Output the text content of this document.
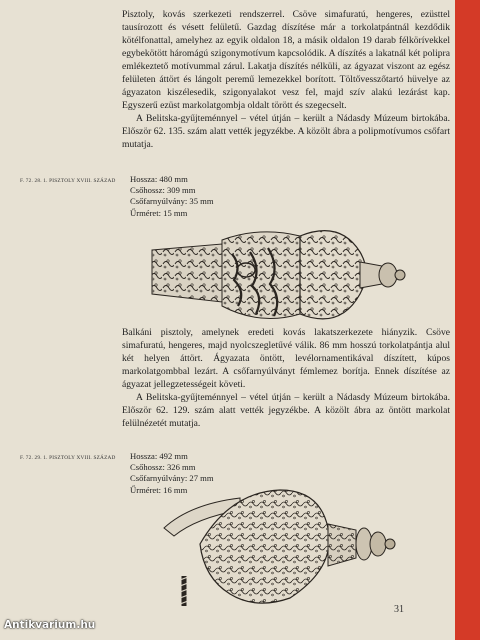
Pisztoly, kovás szerkezeti rendszerrel. Csöve simafuratú, hengeres, ezüsttel tausírozott és vésett felületű. Gazdag díszítése már a torkolatpántnál kezdődik kötélfonattal, amelyhez az egyik oldalon 18, a másik oldalon 19 darab félkörívekkel egybekötött háromágú szigonymotívum kapcsolódik. A díszítés a lakatnál két polipra emlékeztető motívummal zárul. Lakatja díszítés nélküli, az ágyazat viszont az egész felületen áttört és lángolt peremű lemezekkel borított. Töltővesszőtartó hüvelye az ágyazaton kiszélesedik, szigonyalakot vesz fel, majd szív alakú lezárást kap. Egyszerű ezüst markolatgombja oldalt törött és szegecselt.

A Belitska-gyűjteménnyel – vétel útján – került a Nádasdy Múzeum birtokába. Először 62. 135. szám alatt vették jegyzékbe. A közölt ábra a polipmotívumos csőfart mutatja.

F. 72. 28. 1. PISZTOLY XVIII. SZÁZAD Hossza: 480 mm
Csőhossz: 309 mm
Csőfarnyúlvány: 35 mm
Űrméret: 15 mm

Balkáni pisztoly, amelynek eredeti kovás lakatszerkezete hiányzik. Csöve simafuratú, hengeres, majd nyolcszegletűvé válik. 86 mm hosszú torkolatpántja alul két helyen áttört. Ágyazata öntött, levélornamentikával díszített, kúpos markolatgombbal lezárt. A csőfarnyúlványt fémlemez borítja. Ennek díszítése az ágyazat jellegzetességeit követi.

A Belitska-gyűjteménnyel – vétel útján – került a Nádasdy Múzeum birtokába. Először 62. 129. szám alatt vették jegyzékbe. A közölt ábra az öntött markolat felülnézetét mutatja.

F. 72. 29. 1. PISZTOLY XVIII. SZÁZAD Hossza: 492 mm
Csőhossz: 326 mm
Csőfarnyúlvány: 27 mm
Űrméret: 16 mm
31
Antikvarium.hu
